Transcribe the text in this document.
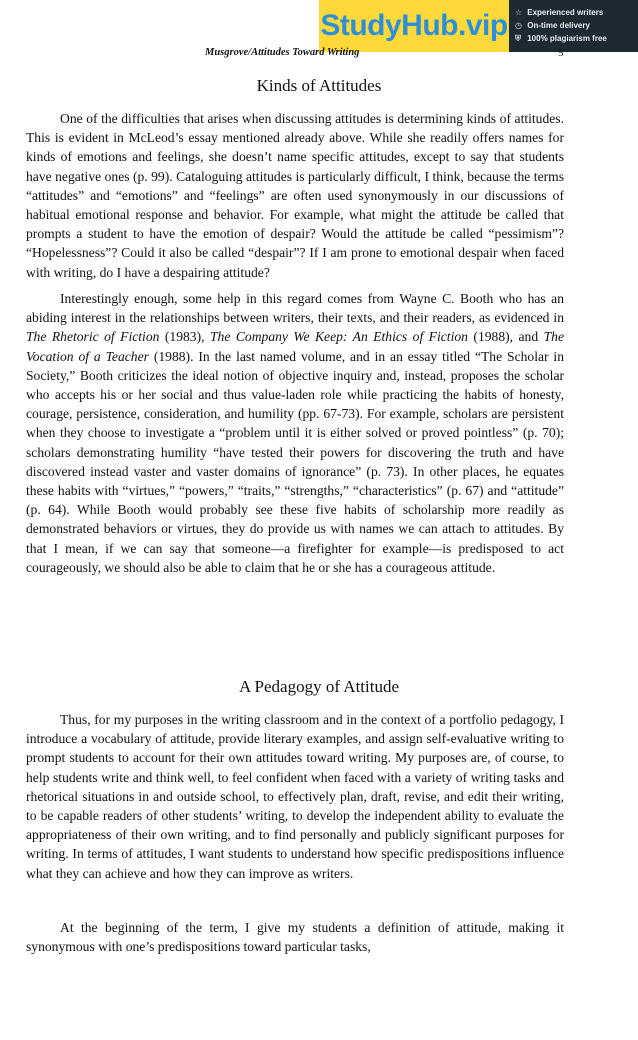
StudyHub.vip ☆ Experienced writers
◷ On-time delivery
⛨ 100% plagiarism free
Musgrove/Attitudes Toward Writing	5
Kinds of Attitudes

One of the difficulties that arises when discussing attitudes is determining kinds of attitudes. This is evident in McLeod’s essay mentioned already above. While she readily offers names for kinds of emotions and feelings, she doesn’t name specific attitudes, except to say that students have negative ones (p. 99). Cataloguing attitudes is particularly difficult, I think, because the terms “attitudes” and “emotions” and “feelings” are often used synonymously in our discussions of habitual emotional response and behavior. For example, what might the attitude be called that prompts a student to have the emotion of despair? Would the attitude be called “pessimism”? “Hopelessness”? Could it also be called “despair”? If I am prone to emotional despair when faced with writing, do I have a despairing attitude?

Interestingly enough, some help in this regard comes from Wayne C. Booth who has an abiding interest in the relationships between writers, their texts, and their readers, as evidenced in The Rhetoric of Fiction (1983), The Company We Keep: An Ethics of Fiction (1988), and The Vocation of a Teacher (1988). In the last named volume, and in an essay titled “The Scholar in Society,” Booth criticizes the ideal notion of objective inquiry and, instead, proposes the scholar who accepts his or her social and thus value-laden role while practicing the habits of honesty, courage, persistence, consideration, and humility (pp. 67-73). For example, scholars are persistent when they choose to investigate a “problem until it is either solved or proved pointless” (p. 70); scholars demonstrating humility “have tested their powers for discovering the truth and have discovered instead vaster and vaster domains of ignorance” (p. 73). In other places, he equates these habits with “virtues,” “powers,” “traits,” “strengths,” “characteristics” (p. 67) and “attitude” (p. 64). While Booth would probably see these five habits of scholarship more readily as demonstrated behaviors or virtues, they do provide us with names we can attach to attitudes. By that I mean, if we can say that someone—a firefighter for example—is predisposed to act courageously, we should also be able to claim that he or she has a courageous attitude.

A Pedagogy of Attitude

Thus, for my purposes in the writing classroom and in the context of a portfolio pedagogy, I introduce a vocabulary of attitude, provide literary examples, and assign self-evaluative writing to prompt students to account for their own attitudes toward writing. My purposes are, of course, to help students write and think well, to feel confident when faced with a variety of writing tasks and rhetorical situations in and outside school, to effectively plan, draft, revise, and edit their writing, to be capable readers of other students’ writing, to develop the independent ability to evaluate the appropriateness of their own writing, and to find personally and publicly significant purposes for writing. In terms of attitudes, I want students to understand how specific predispositions influence what they can achieve and how they can improve as writers.

At the beginning of the term, I give my students a definition of attitude, making it synonymous with one’s predispositions toward particular tasks,
